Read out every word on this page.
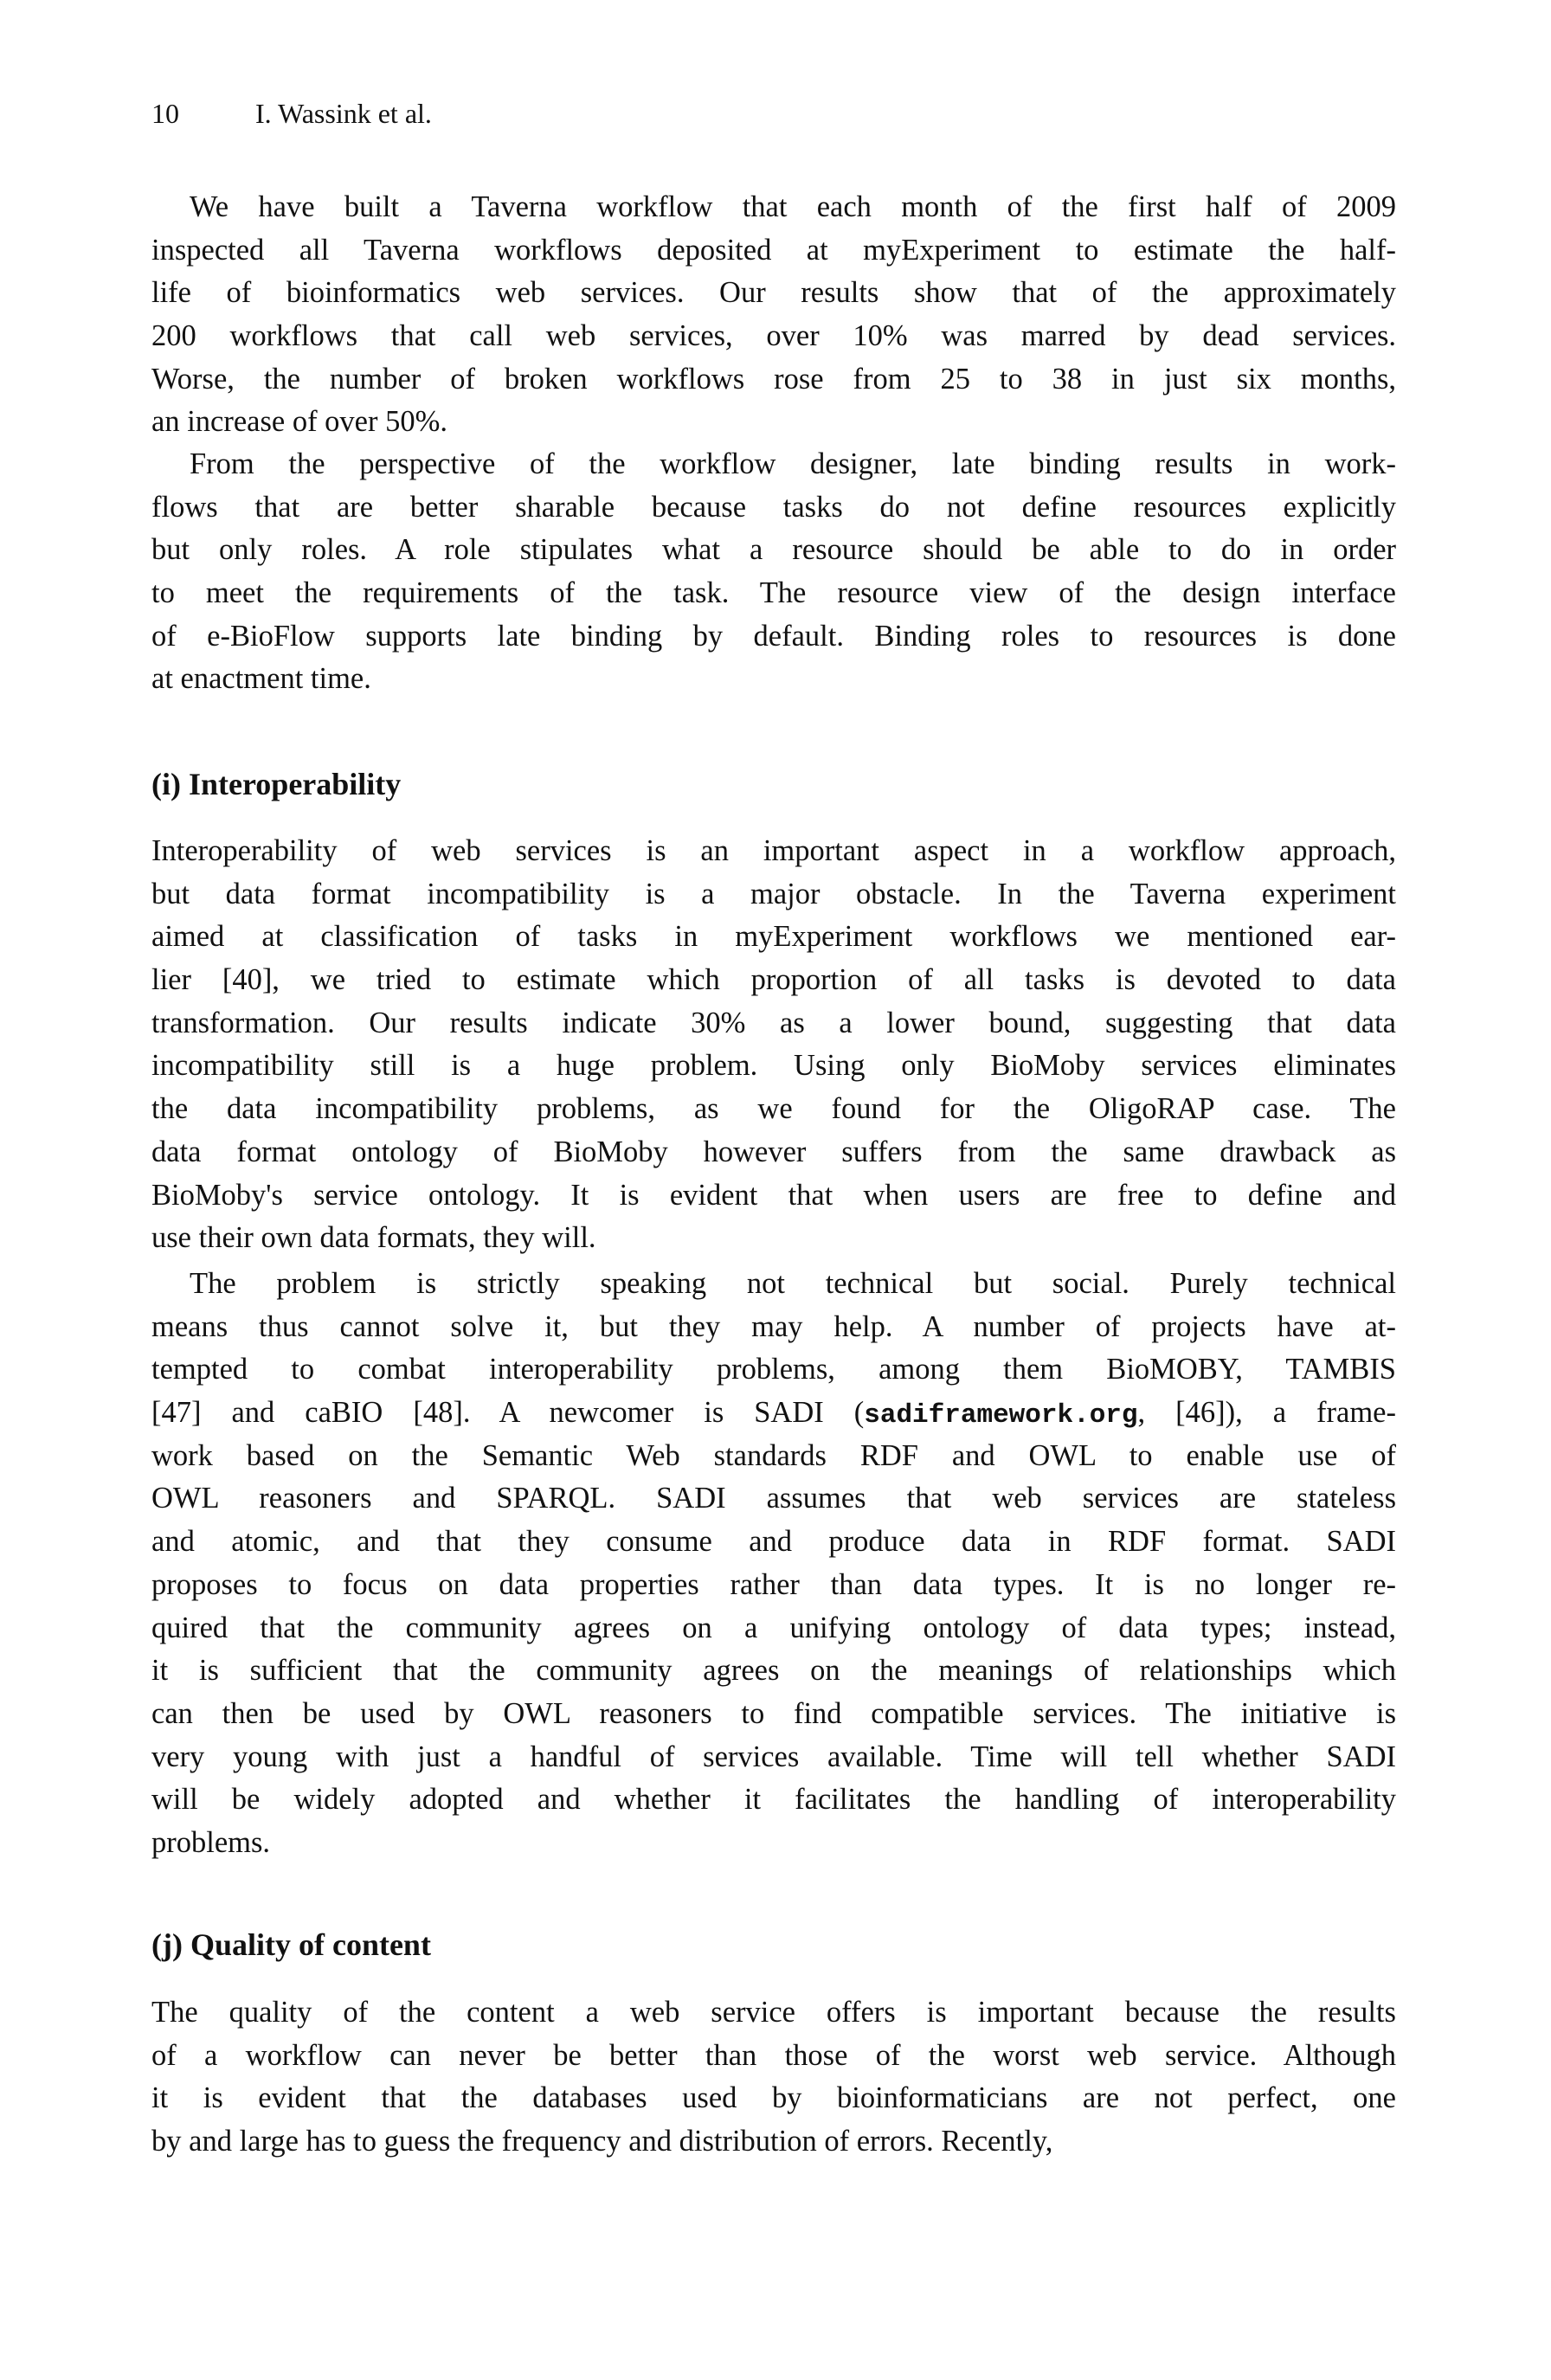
10	I. Wassink et al.
We have built a Taverna workflow that each month of the first half of 2009
inspected all Taverna workflows deposited at myExperiment to estimate the half-
life of bioinformatics web services. Our results show that of the approximately
200 workflows that call web services, over 10% was marred by dead services.
Worse, the number of broken workflows rose from 25 to 38 in just six months,
an increase of over 50%.
From the perspective of the workflow designer, late binding results in work-
flows that are better sharable because tasks do not define resources explicitly
but only roles. A role stipulates what a resource should be able to do in order
to meet the requirements of the task. The resource view of the design interface
of e-BioFlow supports late binding by default. Binding roles to resources is done
at enactment time.
(i) Interoperability
Interoperability of web services is an important aspect in a workflow approach,
but data format incompatibility is a major obstacle. In the Taverna experiment
aimed at classification of tasks in myExperiment workflows we mentioned ear-
lier [40], we tried to estimate which proportion of all tasks is devoted to data
transformation. Our results indicate 30% as a lower bound, suggesting that data
incompatibility still is a huge problem. Using only BioMoby services eliminates
the data incompatibility problems, as we found for the OligoRAP case. The
data format ontology of BioMoby however suffers from the same drawback as
BioMoby's service ontology. It is evident that when users are free to define and
use their own data formats, they will.
The problem is strictly speaking not technical but social. Purely technical
means thus cannot solve it, but they may help. A number of projects have at-
tempted to combat interoperability problems, among them BioMOBY, TAMBIS
[47] and caBIO [48]. A newcomer is SADI (sadiframework.org, [46]), a frame-
work based on the Semantic Web standards RDF and OWL to enable use of
OWL reasoners and SPARQL. SADI assumes that web services are stateless
and atomic, and that they consume and produce data in RDF format. SADI
proposes to focus on data properties rather than data types. It is no longer re-
quired that the community agrees on a unifying ontology of data types; instead,
it is sufficient that the community agrees on the meanings of relationships which
can then be used by OWL reasoners to find compatible services. The initiative is
very young with just a handful of services available. Time will tell whether SADI
will be widely adopted and whether it facilitates the handling of interoperability
problems.
(j) Quality of content
The quality of the content a web service offers is important because the results
of a workflow can never be better than those of the worst web service. Although
it is evident that the databases used by bioinformaticians are not perfect, one
by and large has to guess the frequency and distribution of errors. Recently,
